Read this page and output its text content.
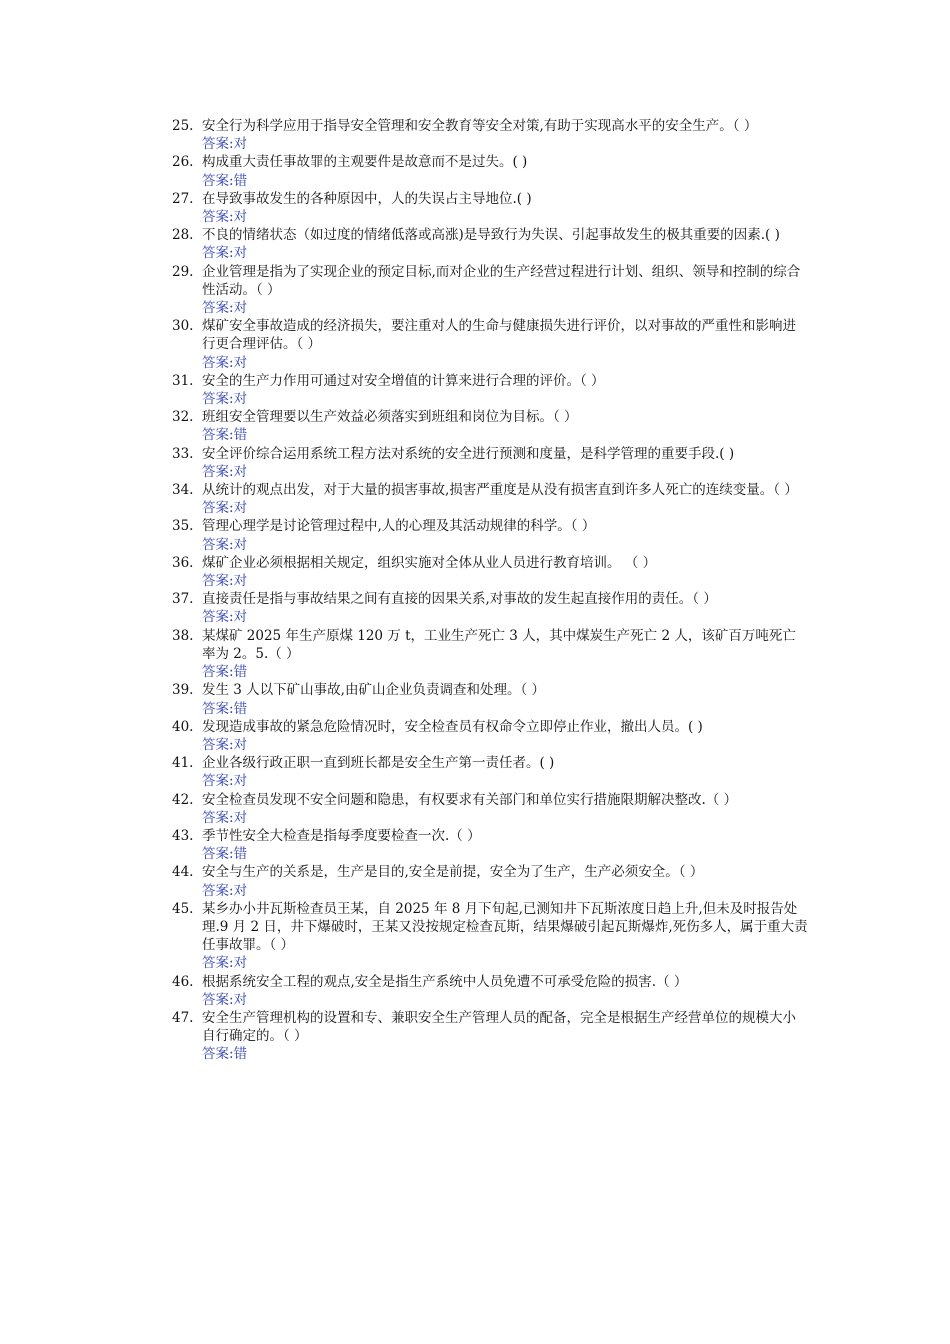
25. 安全行为科学应用于指导安全管理和安全教育等安全对策,有助于实现高水平的安全生产。（ ）
答案:对
26. 构成重大责任事故罪的主观要件是故意而不是过失。( )
答案:错
27. 在导致事故发生的各种原因中，人的失误占主导地位.( )
答案:对
28. 不良的情绪状态（如过度的情绪低落或高涨)是导致行为失误、引起事故发生的极其重要的因素.( )
答案:对
29. 企业管理是指为了实现企业的预定目标,而对企业的生产经营过程进行计划、组织、领导和控制的综合性活动。（ ）
答案:对
30. 煤矿安全事故造成的经济损失，要注重对人的生命与健康损失进行评价，以对事故的严重性和影响进行更合理评估。（ ）
答案:对
31. 安全的生产力作用可通过对安全增值的计算来进行合理的评价。（ ）
答案:对
32. 班组安全管理要以生产效益必须落实到班组和岗位为目标。（ ）
答案:错
33. 安全评价综合运用系统工程方法对系统的安全进行预测和度量，是科学管理的重要手段.( )
答案:对
34. 从统计的观点出发，对于大量的损害事故,损害严重度是从没有损害直到许多人死亡的连续变量。（ ）
答案:对
35. 管理心理学是讨论管理过程中,人的心理及其活动规律的科学。（ ）
答案:对
36. 煤矿企业必须根据相关规定，组织实施对全体从业人员进行教育培训。 （ ）
答案:对
37. 直接责任是指与事故结果之间有直接的因果关系,对事故的发生起直接作用的责任。（ ）
答案:对
38. 某煤矿 2025 年生产原煤 120 万 t，工业生产死亡 3 人，其中煤炭生产死亡 2 人，该矿百万吨死亡率为 2。5.（ ）
答案:错
39. 发生 3 人以下矿山事故,由矿山企业负责调查和处理。（ ）
答案:错
40. 发现造成事故的紧急危险情况时，安全检查员有权命令立即停止作业，撤出人员。( )
答案:对
41. 企业各级行政正职一直到班长都是安全生产第一责任者。( )
答案:对
42. 安全检查员发现不安全问题和隐患，有权要求有关部门和单位实行措施限期解决整改.（ ）
答案:对
43. 季节性安全大检查是指每季度要检查一次.（ ）
答案:错
44. 安全与生产的关系是，生产是目的,安全是前提，安全为了生产，生产必须安全。（ ）
答案:对
45. 某乡办小井瓦斯检查员王某，自 2025 年 8 月下旬起,已测知井下瓦斯浓度日趋上升,但未及时报告处理.9 月 2 日，井下爆破时，王某又没按规定检查瓦斯，结果爆破引起瓦斯爆炸,死伤多人，属于重大责任事故罪。（ ）
答案:对
46. 根据系统安全工程的观点,安全是指生产系统中人员免遭不可承受危险的损害.（ ）
答案:对
47. 安全生产管理机构的设置和专、兼职安全生产管理人员的配备，完全是根据生产经营单位的规模大小自行确定的。（ ）
答案:错
